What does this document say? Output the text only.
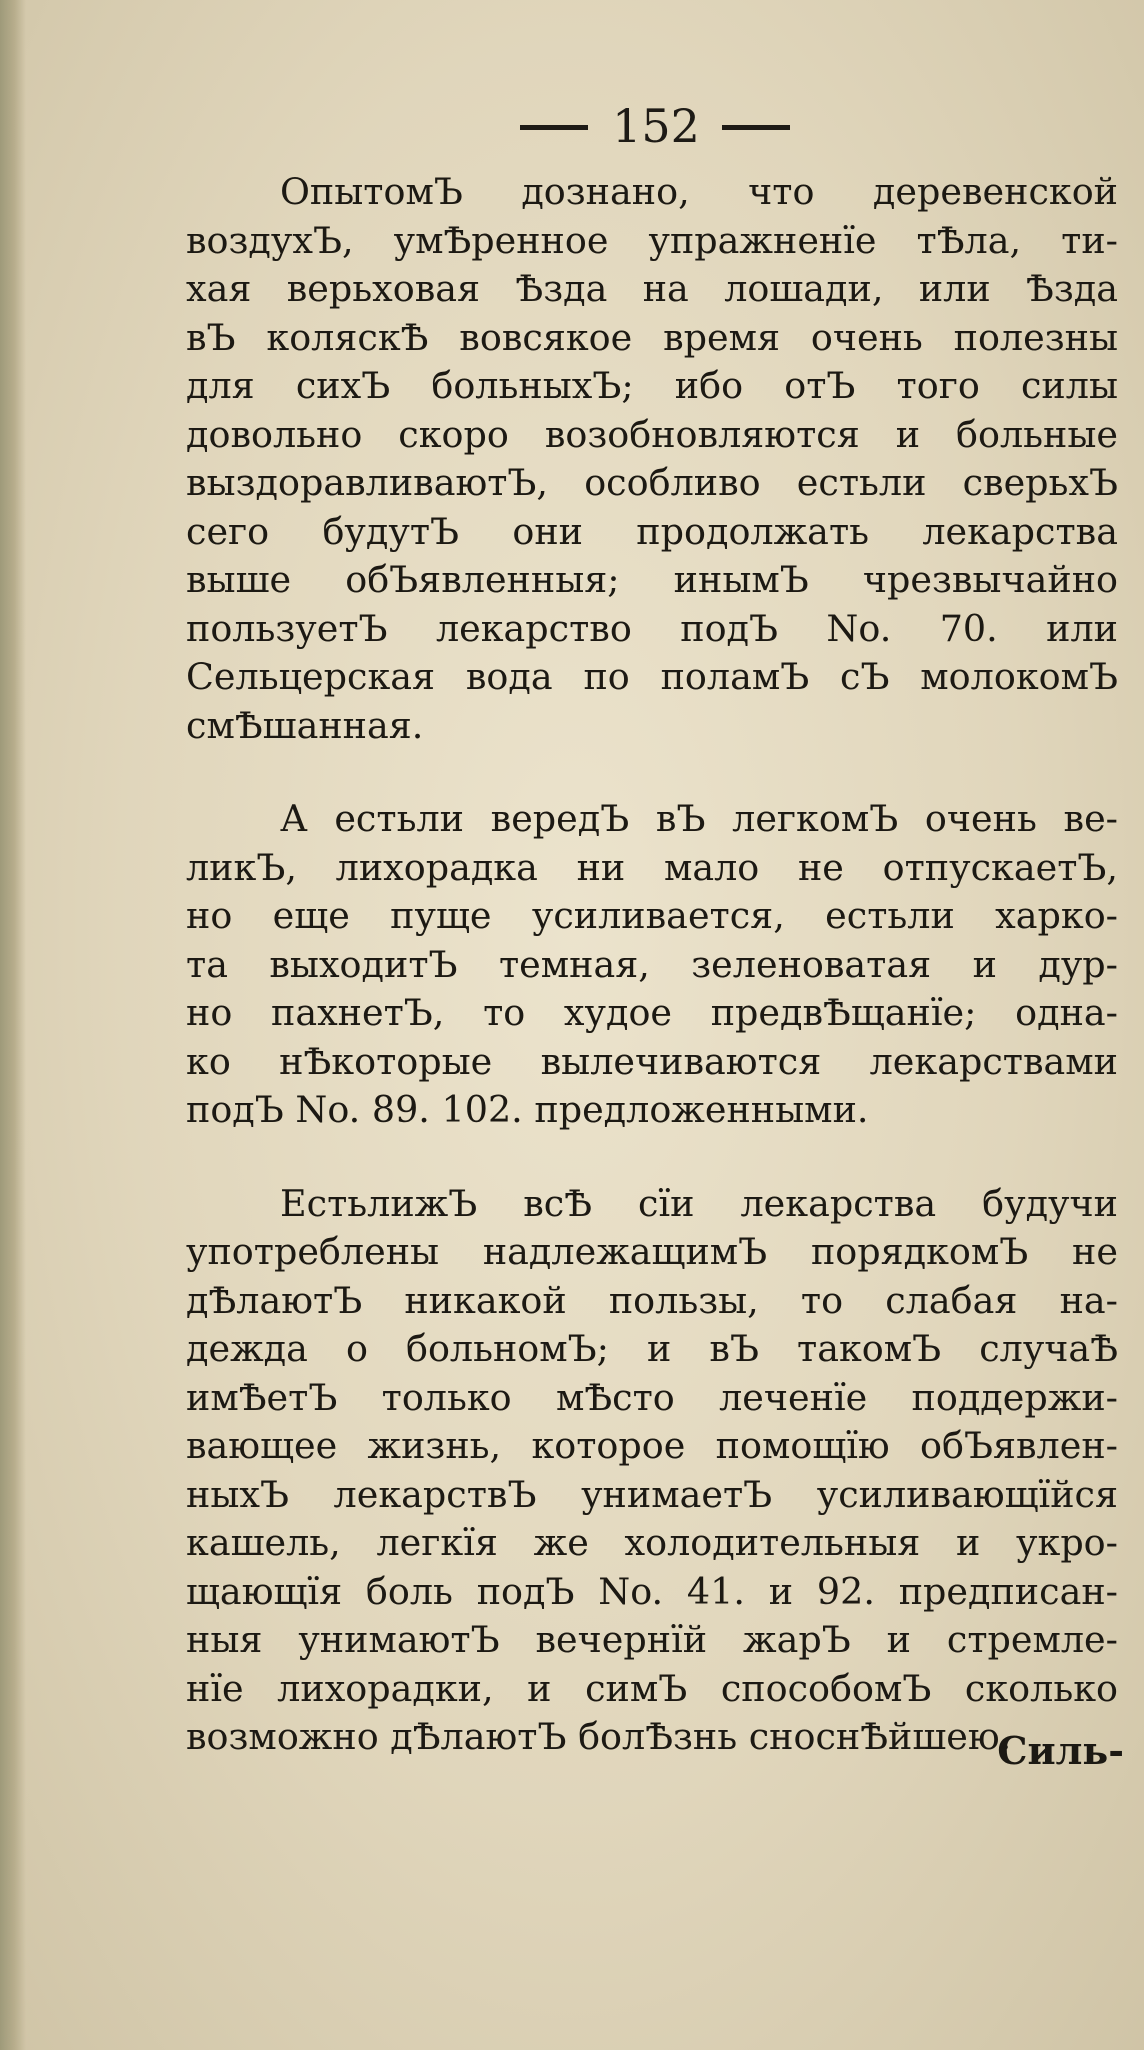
152

ОпытомЪ дознано, что деревенской
воздухЪ, умѢренное упражненїе тѢла, ти-
хая верьховая Ѣзда на лошади, или Ѣзда
вЪ коляскѢ вовсякое время очень полезны
для сихЪ больныхЪ; ибо отЪ того силы
довольно скоро возобновляются и больные
выздоравливаютЪ, особливо естьли сверьхЪ
сего будутЪ они продолжать лекарства
выше обЪявленныя; инымЪ чрезвычайно
пользуетЪ лекарство подЪ No. 70. или
Сельцерская вода по поламЪ сЪ молокомЪ
смѢшанная.

А естьли вередЪ вЪ легкомЪ очень ве-
ликЪ, лихорадка ни мало не отпускаетЪ,
но еще пуще усиливается, естьли харко-
та выходитЪ темная, зеленоватая и дур-
но пахнетЪ, то худое предвѢщанїе; одна-
ко нѢкоторые вылечиваются лекарствами
подЪ No. 89. 102. предложенными.

ЕстьлижЪ всѢ сїи лекарства будучи
употреблены надлежащимЪ порядкомЪ не
дѢлаютЪ никакой пользы, то слабая на-
дежда о больномЪ; и вЪ такомЪ случаѢ
имѢетЪ только мѢсто леченїе поддержи-
вающее жизнь, которое помощїю обЪявлен-
ныхЪ лекарствЪ унимаетЪ усиливающїйся
кашель, легкїя же холодительныя и укро-
щающїя боль подЪ No. 41. и 92. предписан-
ныя унимаютЪ вечернїй жарЪ и стремле-
нїе лихорадки, и симЪ способомЪ сколько
возможно дѢлаютЪ болѢзнь сноснѢйшею.

Силь-
